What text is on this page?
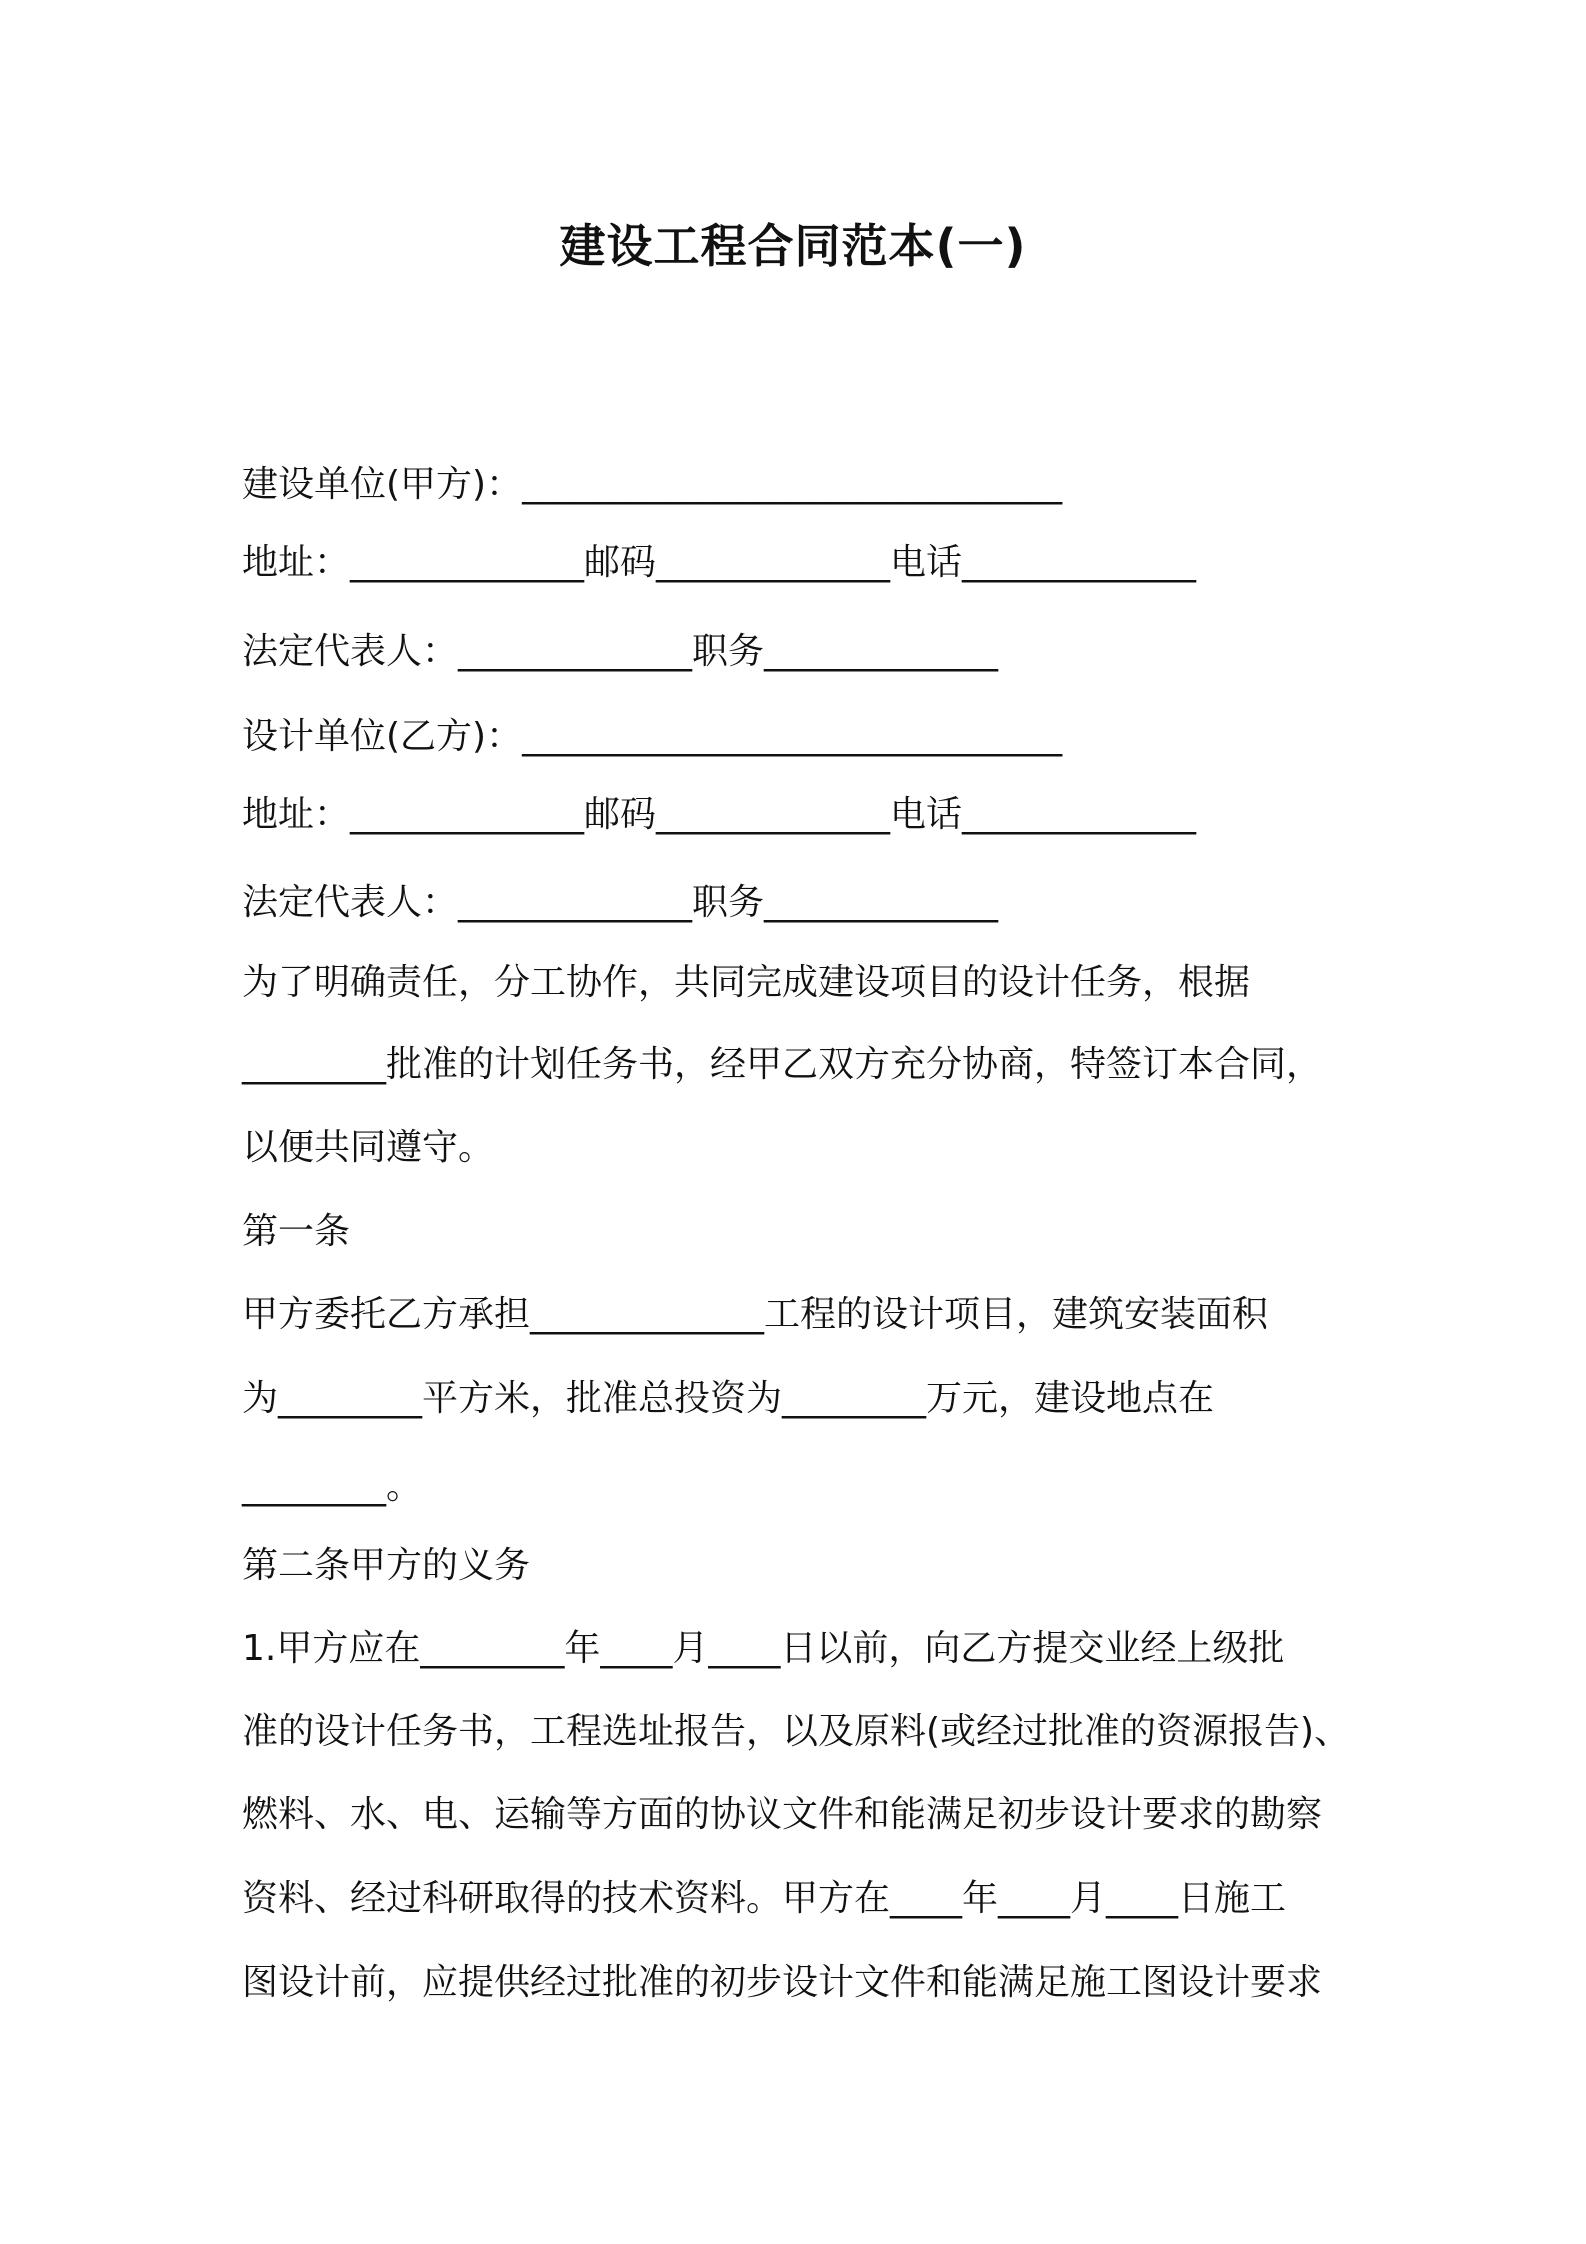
建设工程合同范本(一)
建设单位(甲方)：______________________________
地址：_____________邮码_____________电话_____________
法定代表人：_____________职务_____________
设计单位(乙方)：______________________________
地址：_____________邮码_____________电话_____________
法定代表人：_____________职务_____________
为了明确责任，分工协作，共同完成建设项目的设计任务，根据
________批准的计划任务书，经甲乙双方充分协商，特签订本合同，
以便共同遵守。
第一条
甲方委托乙方承担_____________工程的设计项目，建筑安装面积
为________平方米，批准总投资为________万元，建设地点在
________。
第二条甲方的义务
1.甲方应在________年____月____日以前，向乙方提交业经上级批
准的设计任务书，工程选址报告，以及原料(或经过批准的资源报告)、
燃料、水、电、运输等方面的协议文件和能满足初步设计要求的勘察
资料、经过科研取得的技术资料。甲方在____年____月____日施工
图设计前，应提供经过批准的初步设计文件和能满足施工图设计要求
